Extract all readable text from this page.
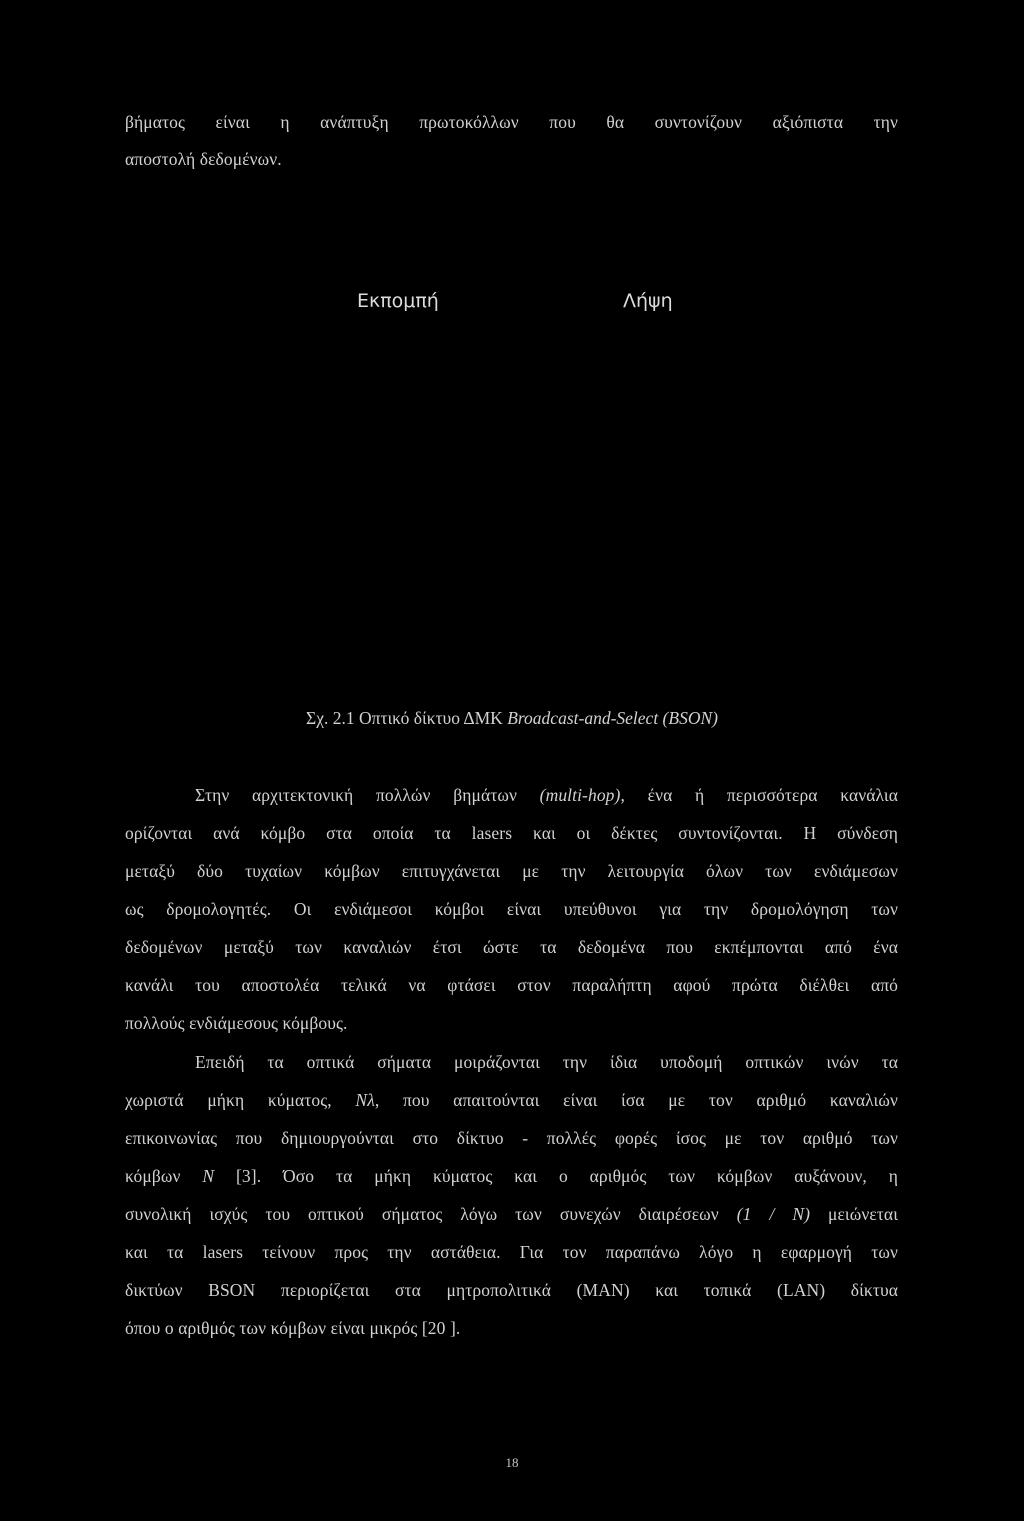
βήματος είναι η ανάπτυξη πρωτοκόλλων που θα συντονίζουν αξιόπιστα την
αποστολή δεδομένων.
Εκπομπή	Λήψη
Σχ. 2.1 Οπτικό δίκτυο ΔΜΚ Broadcast-and-Select (BSON)
Στην αρχιτεκτονική πολλών βημάτων (multi-hop), ένα ή περισσότερα κανάλια
ορίζονται ανά κόμβο στα οποία τα lasers και οι δέκτες συντονίζονται. Η σύνδεση
μεταξύ δύο τυχαίων κόμβων επιτυγχάνεται με την λειτουργία όλων των ενδιάμεσων
ως δρομολογητές. Οι ενδιάμεσοι κόμβοι είναι υπεύθυνοι για την δρομολόγηση των
δεδομένων μεταξύ των καναλιών έτσι ώστε τα δεδομένα που εκπέμπονται από ένα
κανάλι του αποστολέα τελικά να φτάσει στον παραλήπτη αφού πρώτα διέλθει από
πολλούς ενδιάμεσους κόμβους.
Επειδή τα οπτικά σήματα μοιράζονται την ίδια υποδομή οπτικών ινών τα
χωριστά μήκη κύματος, Nλ, που απαιτούνται είναι ίσα με τον αριθμό καναλιών
επικοινωνίας που δημιουργούνται στο δίκτυο - πολλές φορές ίσος με τον αριθμό των
κόμβων N [3]. Όσο τα μήκη κύματος και ο αριθμός των κόμβων αυξάνουν, η
συνολική ισχύς του οπτικού σήματος λόγω των συνεχών διαιρέσεων (1 / N) μειώνεται
και τα lasers τείνουν προς την αστάθεια. Για τον παραπάνω λόγο η εφαρμογή των
δικτύων BSON περιορίζεται στα μητροπολιτικά (MAN) και τοπικά (LAN) δίκτυα
όπου ο αριθμός των κόμβων είναι μικρός [20 ].
18
